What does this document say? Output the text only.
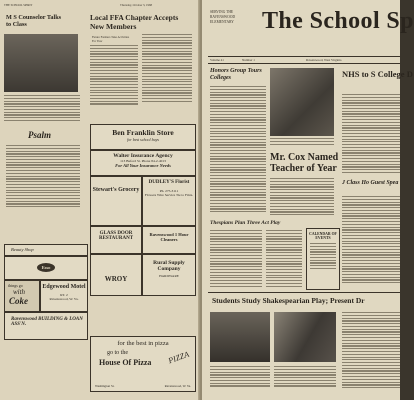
THE SCHOOL SPIRIT	Thursday, October 3, 1968
M S Counselor Talks to Class
Psalm
Local FFA Chapter Accepts New Members
Future Farmers Take Activities For Year
Ben Franklin Store
for best school buys
Walter Insurance Agency
113 Buford St. Phone 84-2-4013
For All Your Insurance Needs
Stewart's Grocery
DUDLEY'S Florist
Ph. 275-3111
Flowers Wire Service Tie to Fmrs.
GLASS DOOR RESTAURANT
Ravenswood 1 Hour Cleaners
Beauty Shop
Esso
things go
with
Coke
Edgewood Motel
RT. 2
Ravenswood, W. Va.
WROY
Rural Supply Company
HARDWARE
Ravenswood BUILDING & LOAN ASS'N.
for the best in pizza
go to the
House Of Pizza	PIZZA
Washington St.	Ravenswood, W. Va.
SERVING THE RAVENSWOOD ELEMENTARY The School Sp
Volume 41	Number 1	Ravenswood, West Virginia
Honors Group Tours Colleges
Mr. Cox Named Teacher of Year
NHS to S College D
J Class Ho Guest Spea
Thespians Plan Three Act Play
CALENDAR OF EVENTS
Students Study Shakespearian Play; Present Dr
